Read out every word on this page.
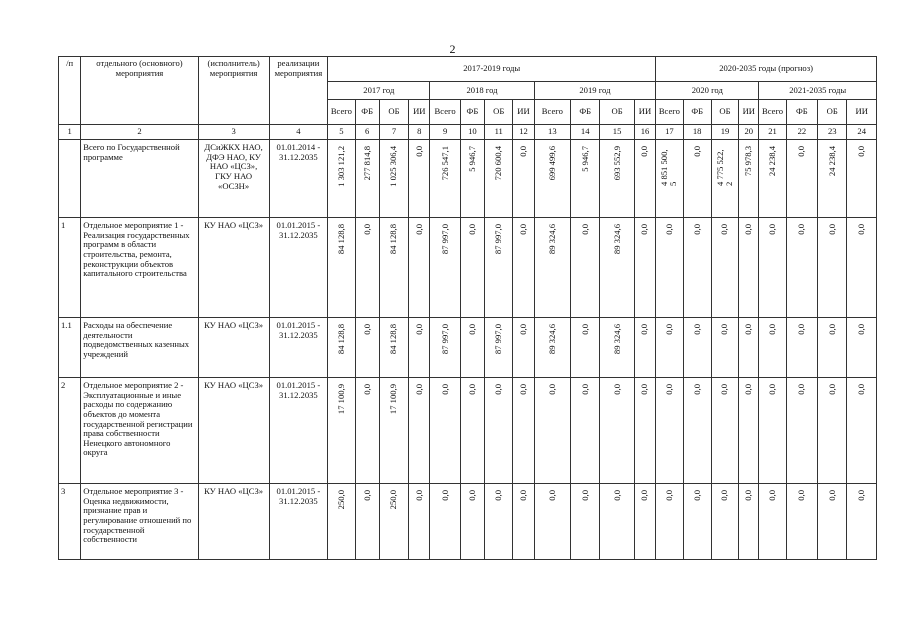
2
/п	отдельного (основного) мероприятия	(исполнитель) мероприятия	реализации мероприятия	2017-2019 годы												2020-2035 годы (прогноз)							
				2017 год				2018 год				2019 год				2020 год				2021-2035 годы			
				Всего	ФБ	ОБ	ИИ	Всего	ФБ	ОБ	ИИ	Всего	ФБ	ОБ	ИИ	Всего	ФБ	ОБ	ИИ	Всего	ФБ	ОБ	ИИ
1	2	3	4	5	6	7	8	9	10	11	12	13	14	15	16	17	18	19	20	21	22	23	24
	Всего по Государственной программе	ДСиЖКХ НАО, ДФЭ НАО, КУ НАО «ЦСЗ», ГКУ НАО «ОСЗН»	01.01.2014 - 31.12.2035	1 303 121,2	277 814,8	1 025 306,4	0,0	726 547,1	5 946,7	720 600,4	0,0	699 499,6	5 946,7	693 552,9	0,0	4 851 500, 5	0,0	4 775 522, 2	75 978,3	24 238,4	0,0	24 238,4	0,0

1	Отдельное мероприятие 1 - Реализация государственных программ в области строительства, ремонта, реконструкции объектов капитального строительства	КУ НАО «ЦСЗ»	01.01.2015 - 31.12.2035	84 128,8	0,0	84 128,8	0,0	87 997,0	0,0	87 997,0	0,0	89 324,6	0,0	89 324,6	0,0	0,0	0,0	0,0	0,0	0,0	0,0	0,0	0,0

1.1	Расходы на обеспечение деятельности подведомственных казенных учреждений	КУ НАО «ЦСЗ»	01.01.2015 - 31.12.2035	84 128,8	0,0	84 128,8	0,0	87 997,0	0,0	87 997,0	0,0	89 324,6	0,0	89 324,6	0,0	0,0	0,0	0,0	0,0	0,0	0,0	0,0	0,0

2	Отдельное мероприятие 2 - Эксплуатационные и иные расходы по содержанию объектов до момента государственной регистрации права собственности Ненецкого автономного округа	КУ НАО «ЦСЗ»	01.01.2015 - 31.12.2035	17 100,9	0,0	17 100,9	0,0	0,0	0,0	0,0	0,0	0,0	0,0	0,0	0,0	0,0	0,0	0,0	0,0	0,0	0,0	0,0	0,0

3	Отдельное мероприятие 3 - Оценка недвижимости, признание прав и регулирование отношений по государственной собственности	КУ НАО «ЦСЗ»	01.01.2015 - 31.12.2035	250,0	0,0	250,0	0,0	0,0	0,0	0,0	0,0	0,0	0,0	0,0	0,0	0,0	0,0	0,0	0,0	0,0	0,0	0,0	0,0
